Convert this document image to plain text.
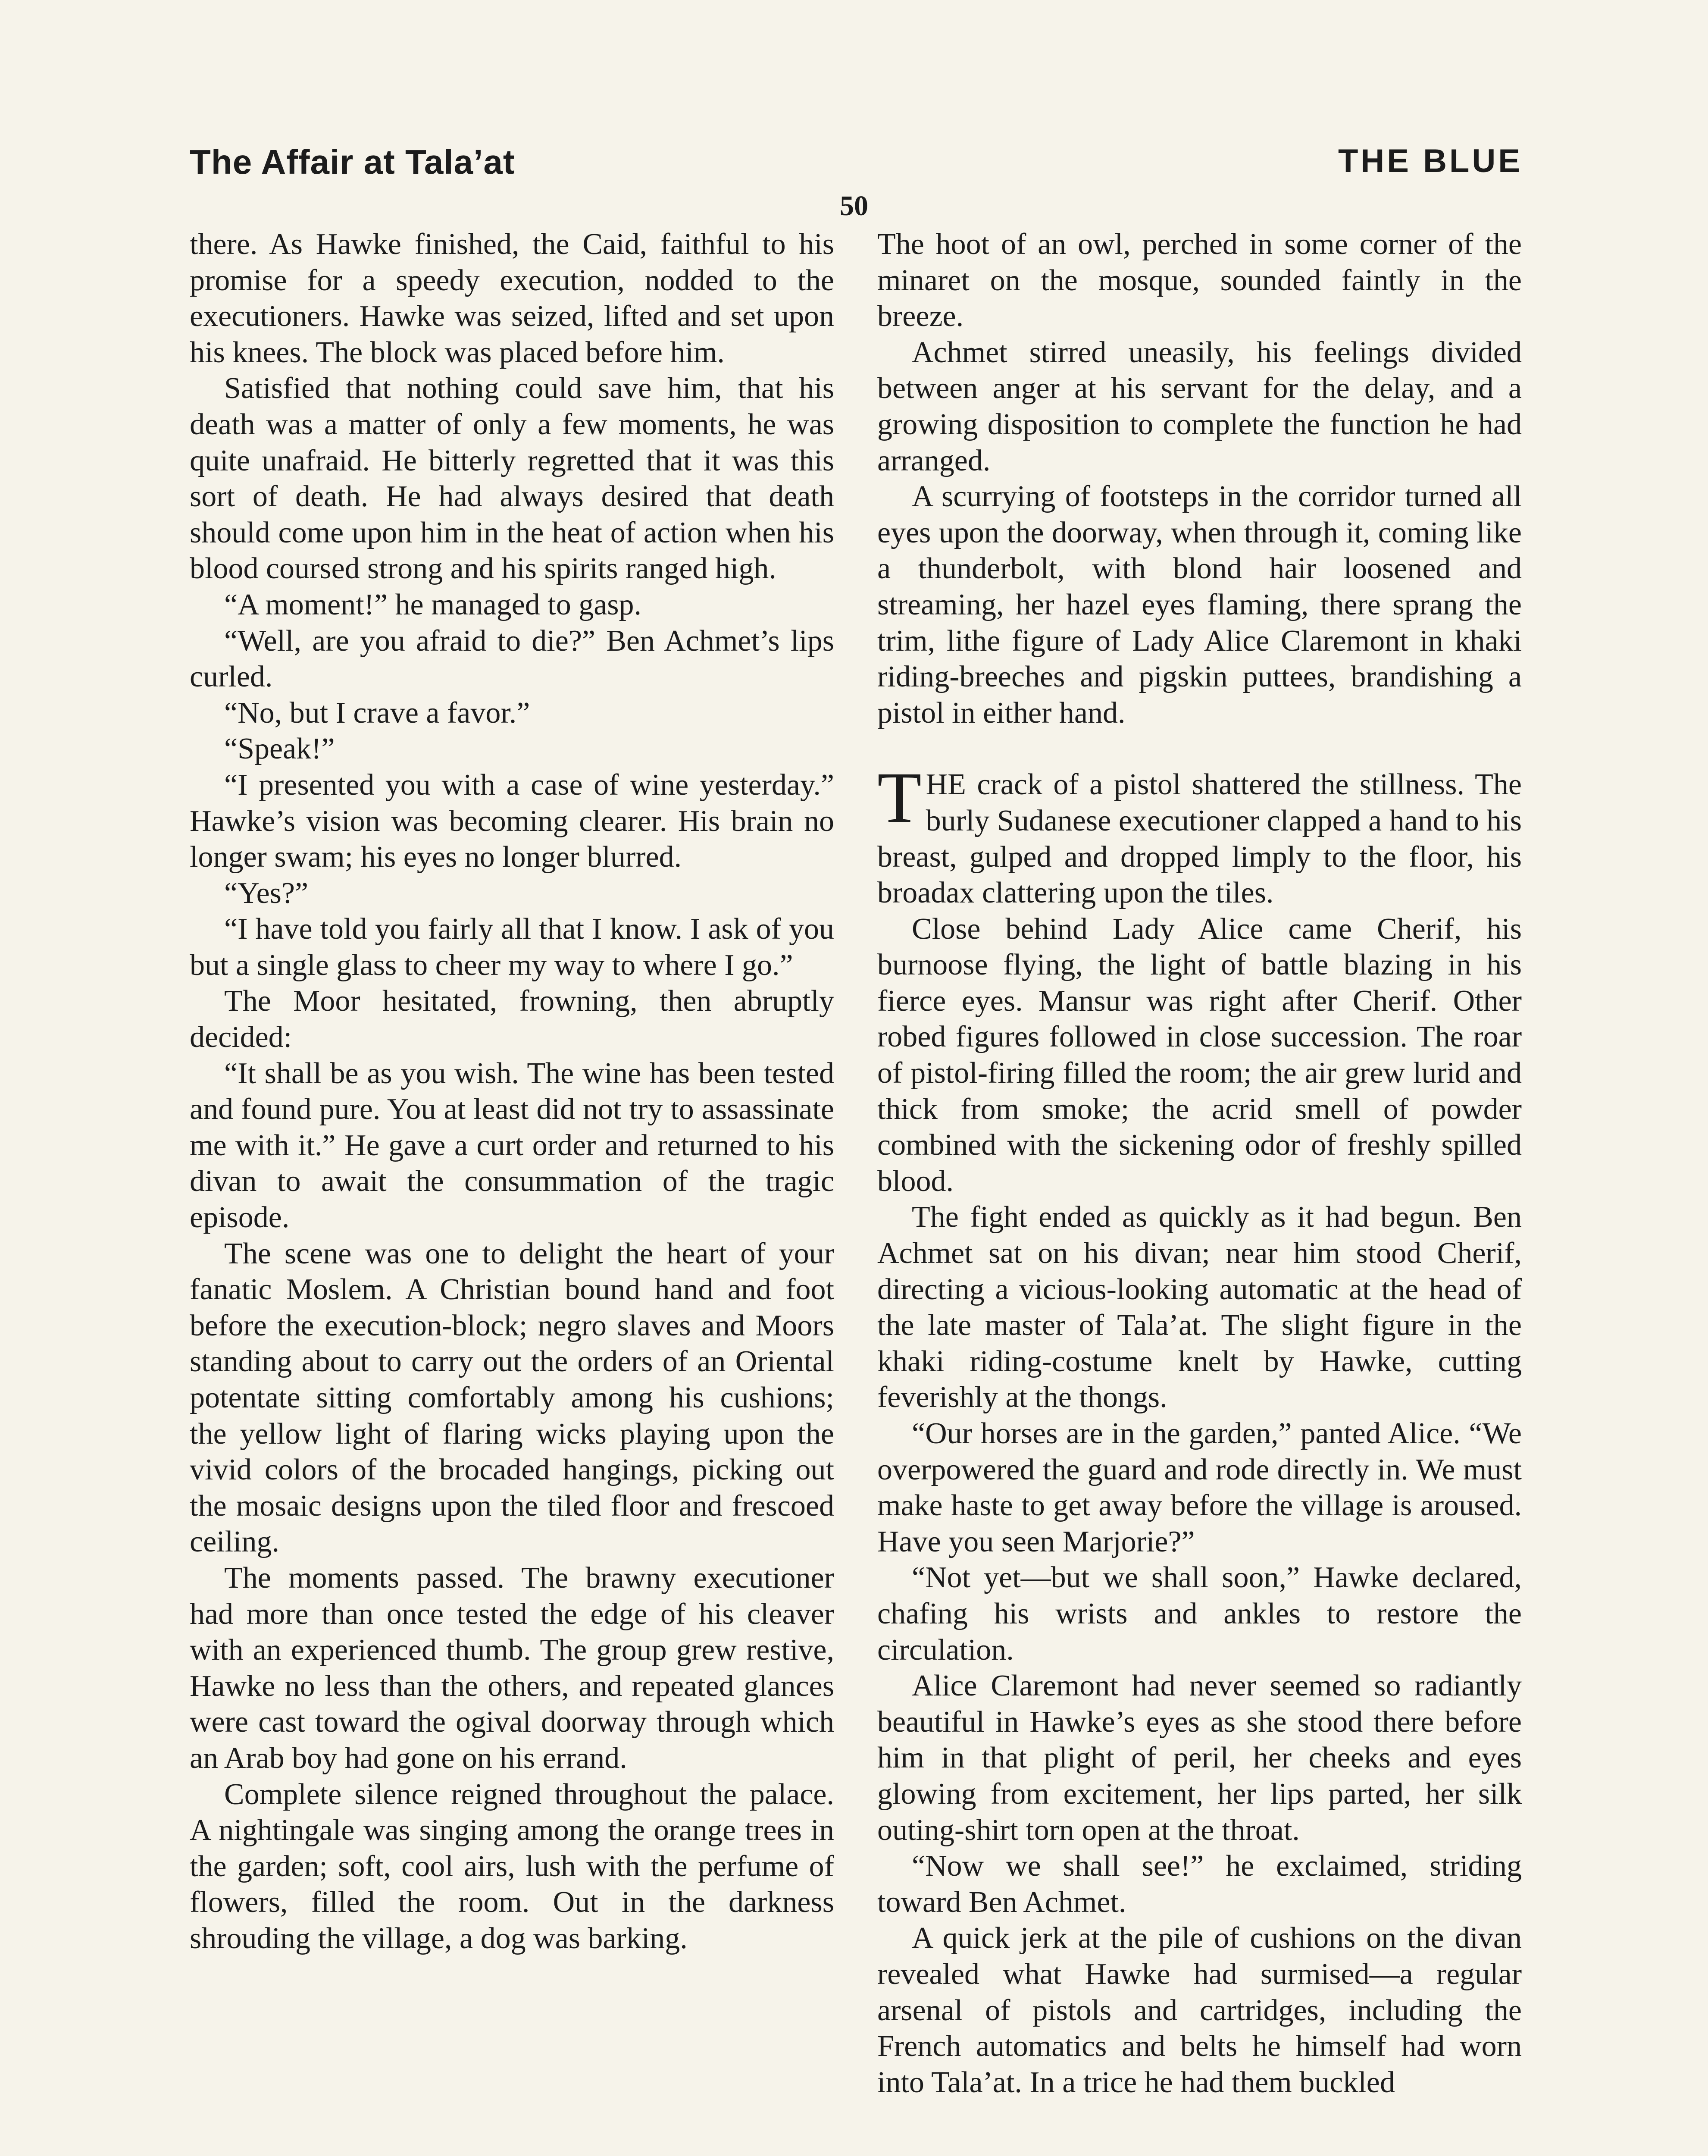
The Affair at Tala’at	THE BLUE
50

there. As Hawke finished, the Caid, faithful to his promise for a speedy execution, nodded to the executioners. Hawke was seized, lifted and set upon his knees. The block was placed before him.

Satisfied that nothing could save him, that his death was a matter of only a few moments, he was quite unafraid. He bitterly regretted that it was this sort of death. He had always desired that death should come upon him in the heat of action when his blood coursed strong and his spirits ranged high.

“A moment!” he managed to gasp.

“Well, are you afraid to die?” Ben Achmet’s lips curled.

“No, but I crave a favor.”

“Speak!”

“I presented you with a case of wine yesterday.” Hawke’s vision was becoming clearer. His brain no longer swam; his eyes no longer blurred.

“Yes?”

“I have told you fairly all that I know. I ask of you but a single glass to cheer my way to where I go.”

The Moor hesitated, frowning, then abruptly decided:

“It shall be as you wish. The wine has been tested and found pure. You at least did not try to assassinate me with it.” He gave a curt order and returned to his divan to await the consummation of the tragic episode.

The scene was one to delight the heart of your fanatic Moslem. A Christian bound hand and foot before the execution-block; negro slaves and Moors standing about to carry out the orders of an Oriental potentate sitting comfortably among his cushions; the yellow light of flaring wicks playing upon the vivid colors of the brocaded hangings, picking out the mosaic designs upon the tiled floor and frescoed ceiling.

The moments passed. The brawny executioner had more than once tested the edge of his cleaver with an experienced thumb. The group grew restive, Hawke no less than the others, and repeated glances were cast toward the ogival doorway through which an Arab boy had gone on his errand.

Complete silence reigned throughout the palace. A nightingale was singing among the orange trees in the garden; soft, cool airs, lush with the perfume of flowers, filled the room. Out in the darkness shrouding the village, a dog was barking.

The hoot of an owl, perched in some corner of the minaret on the mosque, sounded faintly in the breeze.

Achmet stirred uneasily, his feelings divided between anger at his servant for the delay, and a growing disposition to complete the function he had arranged.

A scurrying of footsteps in the corridor turned all eyes upon the doorway, when through it, coming like a thunderbolt, with blond hair loosened and streaming, her hazel eyes flaming, there sprang the trim, lithe figure of Lady Alice Claremont in khaki riding-breeches and pigskin puttees, brandishing a pistol in either hand.

THE crack of a pistol shattered the stillness. The burly Sudanese executioner clapped a hand to his breast, gulped and dropped limply to the floor, his broadax clattering upon the tiles.

Close behind Lady Alice came Cherif, his burnoose flying, the light of battle blazing in his fierce eyes. Mansur was right after Cherif. Other robed figures followed in close succession. The roar of pistol-firing filled the room; the air grew lurid and thick from smoke; the acrid smell of powder combined with the sickening odor of freshly spilled blood.

The fight ended as quickly as it had begun. Ben Achmet sat on his divan; near him stood Cherif, directing a vicious-looking automatic at the head of the late master of Tala’at. The slight figure in the khaki riding-costume knelt by Hawke, cutting feverishly at the thongs.

“Our horses are in the garden,” panted Alice. “We overpowered the guard and rode directly in. We must make haste to get away before the village is aroused. Have you seen Marjorie?”

“Not yet—but we shall soon,” Hawke declared, chafing his wrists and ankles to restore the circulation.

Alice Claremont had never seemed so radiantly beautiful in Hawke’s eyes as she stood there before him in that plight of peril, her cheeks and eyes glowing from excitement, her lips parted, her silk outing-shirt torn open at the throat.

“Now we shall see!” he exclaimed, striding toward Ben Achmet.

A quick jerk at the pile of cushions on the divan revealed what Hawke had surmised—a regular arsenal of pistols and cartridges, including the French automatics and belts he himself had worn into Tala’at. In a trice he had them buckled
